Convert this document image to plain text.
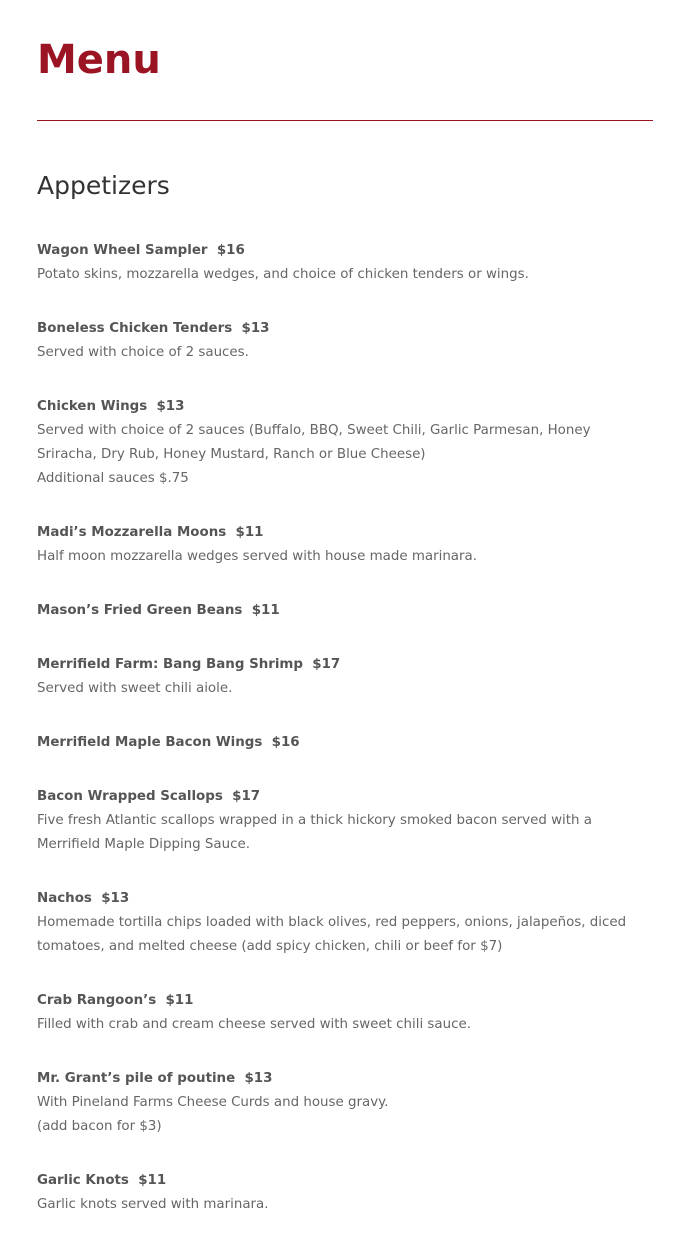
Menu
Appetizers
Wagon Wheel Sampler  $16
Potato skins, mozzarella wedges, and choice of chicken tenders or wings.
Boneless Chicken Tenders  $13
Served with choice of 2 sauces.
Chicken Wings  $13
Served with choice of 2 sauces (Buffalo, BBQ, Sweet Chili, Garlic Parmesan, Honey Sriracha, Dry Rub, Honey Mustard, Ranch or Blue Cheese)
Additional sauces $.75
Madi’s Mozzarella Moons  $11
Half moon mozzarella wedges served with house made marinara.
Mason’s Fried Green Beans  $11
Merrifield Farm: Bang Bang Shrimp  $17
Served with sweet chili aiole.
Merrifield Maple Bacon Wings  $16
Bacon Wrapped Scallops  $17
Five fresh Atlantic scallops wrapped in a thick hickory smoked bacon served with a Merrifield Maple Dipping Sauce.
Nachos  $13
Homemade tortilla chips loaded with black olives, red peppers, onions, jalapeños, diced tomatoes, and melted cheese (add spicy chicken, chili or beef for $7)
Crab Rangoon’s  $11
Filled with crab and cream cheese served with sweet chili sauce.
Mr. Grant’s pile of poutine  $13
With Pineland Farms Cheese Curds and house gravy.
(add bacon for $3)
Garlic Knots  $11
Garlic knots served with marinara.
